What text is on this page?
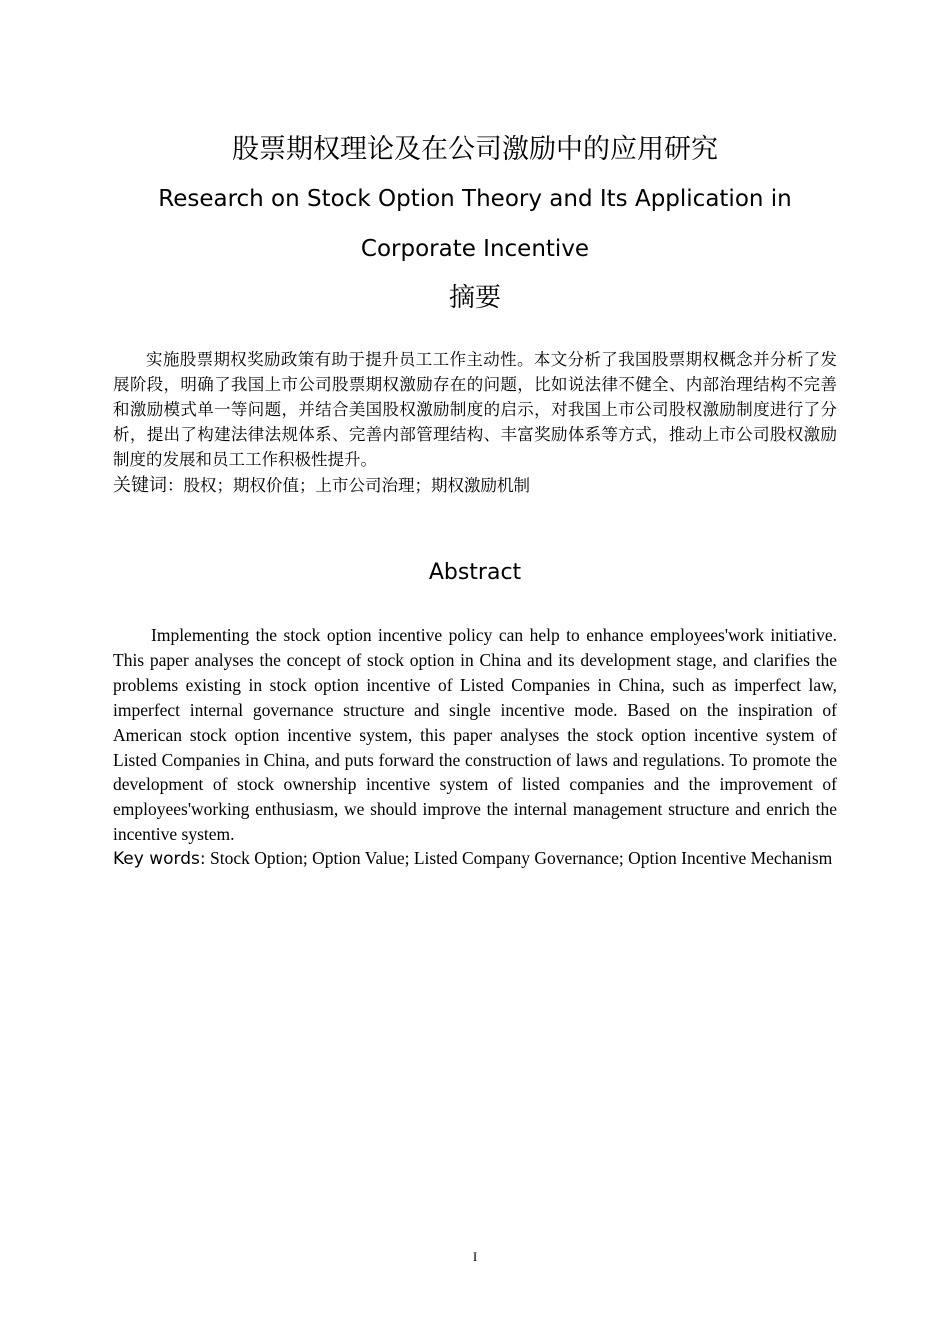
股票期权理论及在公司激励中的应用研究
Research on Stock Option Theory and Its Application in Corporate Incentive
摘要

实施股票期权奖励政策有助于提升员工工作主动性。本文分析了我国股票期权概念并分析了发展阶段，明确了我国上市公司股票期权激励存在的问题，比如说法律不健全、内部治理结构不完善和激励模式单一等问题，并结合美国股权激励制度的启示，对我国上市公司股权激励制度进行了分析，提出了构建法律法规体系、完善内部管理结构、丰富奖励体系等方式，推动上市公司股权激励制度的发展和员工工作积极性提升。

关键词：股权；期权价值；上市公司治理；期权激励机制

Abstract

Implementing the stock option incentive policy can help to enhance employees'work initiative. This paper analyses the concept of stock option in China and its development stage, and clarifies the problems existing in stock option incentive of Listed Companies in China, such as imperfect law, imperfect internal governance structure and single incentive mode. Based on the inspiration of American stock option incentive system, this paper analyses the stock option incentive system of Listed Companies in China, and puts forward the construction of laws and regulations. To promote the development of stock ownership incentive system of listed companies and the improvement of employees'working enthusiasm, we should improve the internal management structure and enrich the incentive system.

Key words: Stock Option; Option Value; Listed Company Governance; Option Incentive Mechanism

I
